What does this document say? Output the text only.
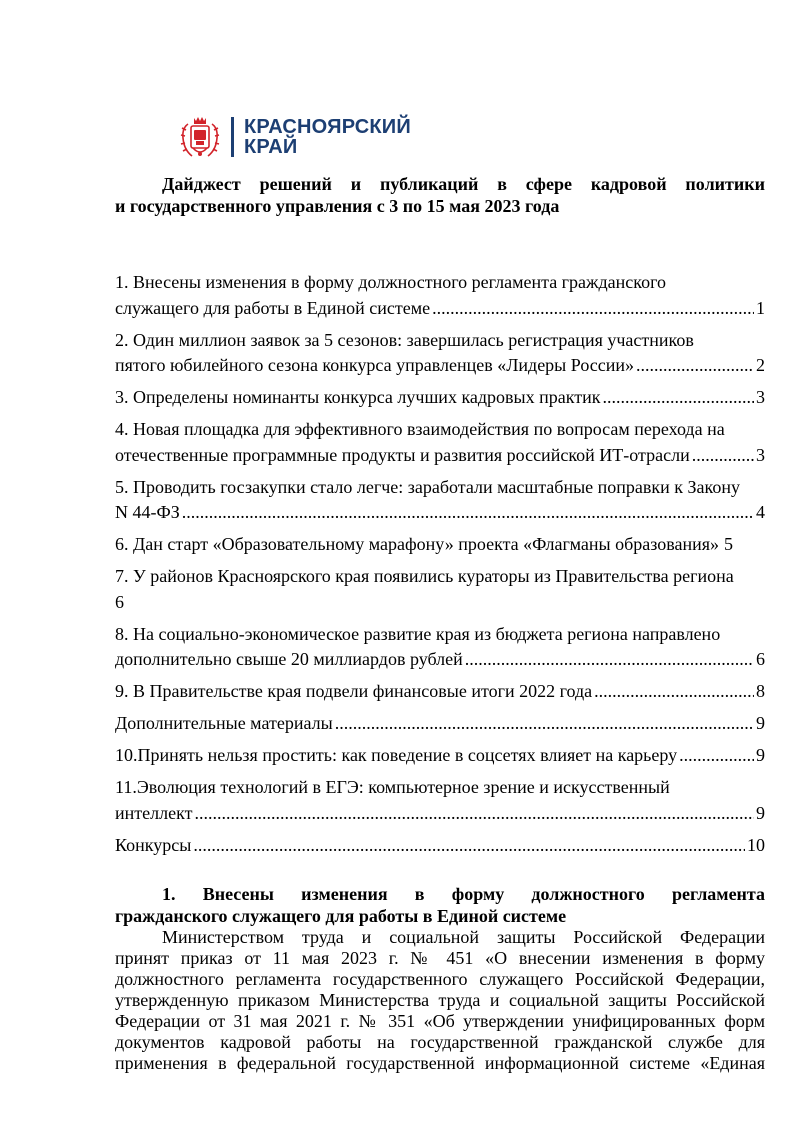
КРАСНОЯРСКИЙ
КРАЙ
Дайджест решений и публикаций в сфере кадровой политики
и государственного управления с 3 по 15 мая 2023 года
1. Внесены изменения в форму должностного регламента гражданского
служащего для работы в Единой системе .....	1
2. Один миллион заявок за 5 сезонов: завершилась регистрация участников
пятого юбилейного сезона конкурса управленцев «Лидеры России» .....	2
3. Определены номинанты конкурса лучших кадровых практик .....	3
4. Новая площадка для эффективного взаимодействия по вопросам перехода на
отечественные программные продукты и развития российской ИТ-отрасли .....	3
5. Проводить госзакупки стало легче: заработали масштабные поправки к Закону
N 44-ФЗ .....	4
6. Дан старт «Образовательному марафону» проекта «Флагманы образования» 5
7. У районов Красноярского края появились кураторы из Правительства региона
6
8. На социально-экономическое развитие края из бюджета региона направлено
дополнительно свыше 20 миллиардов рублей .....	6
9. В Правительстве края подвели финансовые итоги 2022 года .....	8
Дополнительные материалы .....	9
10.Принять нельзя простить: как поведение в соцсетях влияет на карьеру .....	9
11.Эволюция технологий в ЕГЭ: компьютерное зрение и искусственный
интеллект .....	9
Конкурсы .....	10
1. Внесены изменения в форму должностного регламента
гражданского служащего для работы в Единой системе
Министерством труда и социальной защиты Российской Федерации
принят приказ от 11 мая 2023 г. № 451 «О внесении изменения в форму
должностного регламента государственного служащего Российской Федерации,
утвержденную приказом Министерства труда и социальной защиты Российской
Федерации от 31 мая 2021 г. № 351 «Об утверждении унифицированных форм
документов кадровой работы на государственной гражданской службе для
применения в федеральной государственной информационной системе «Единая
